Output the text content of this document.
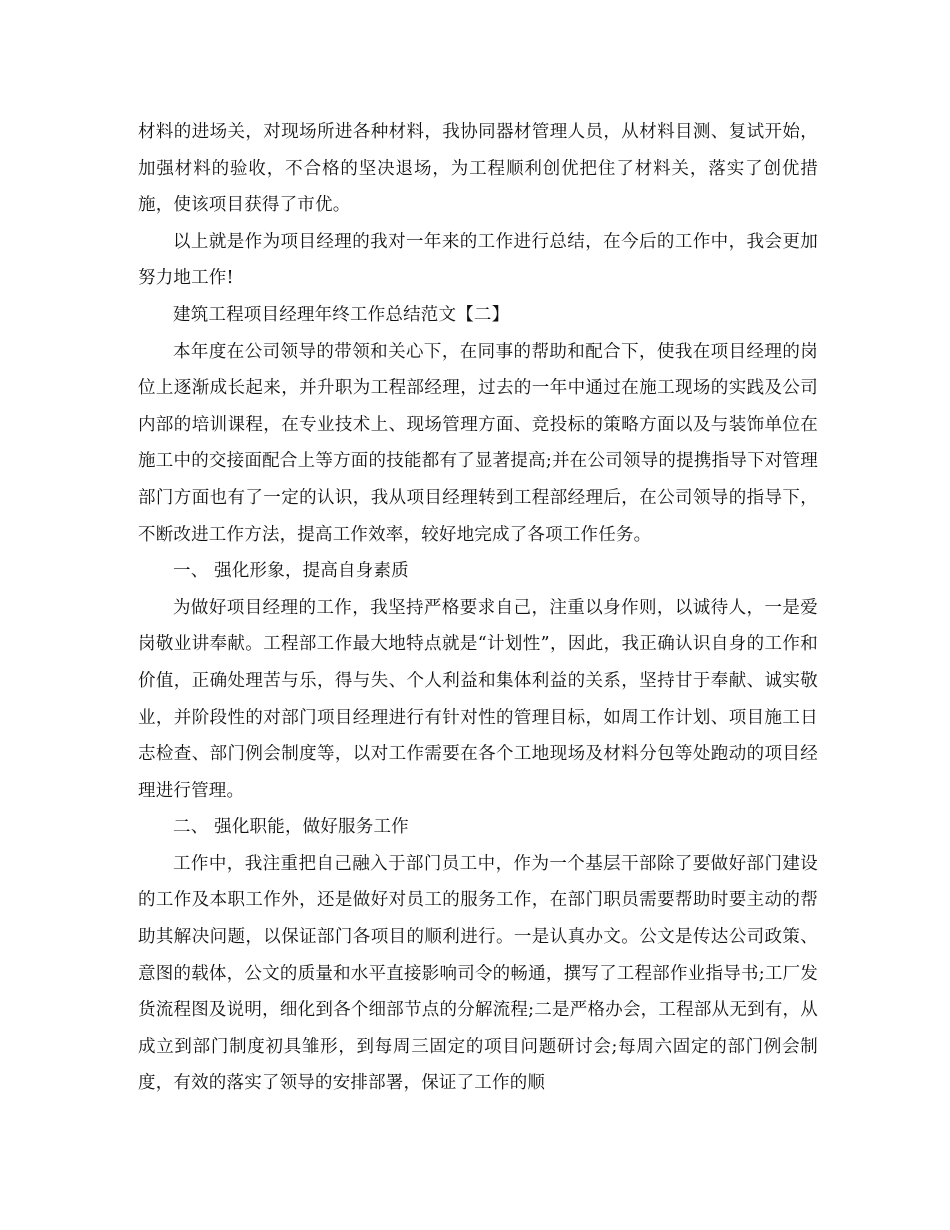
材料的进场关，对现场所进各种材料，我协同器材管理人员，从材料目测、复试开始，加强材料的验收，不合格的坚决退场，为工程顺利创优把住了材料关，落实了创优措施，使该项目获得了市优。

以上就是作为项目经理的我对一年来的工作进行总结，在今后的工作中，我会更加努力地工作!

建筑工程项目经理年终工作总结范文【二】

本年度在公司领导的带领和关心下，在同事的帮助和配合下，使我在项目经理的岗位上逐渐成长起来，并升职为工程部经理，过去的一年中通过在施工现场的实践及公司内部的培训课程，在专业技术上、现场管理方面、竞投标的策略方面以及与装饰单位在施工中的交接面配合上等方面的技能都有了显著提高;并在公司领导的提携指导下对管理部门方面也有了一定的认识，我从项目经理转到工程部经理后，在公司领导的指导下，不断改进工作方法，提高工作效率，较好地完成了各项工作任务。

一、 强化形象，提高自身素质

为做好项目经理的工作，我坚持严格要求自己，注重以身作则，以诚待人，一是爱岗敬业讲奉献。工程部工作最大地特点就是“计划性”，因此，我正确认识自身的工作和价值，正确处理苦与乐，得与失、个人利益和集体利益的关系，坚持甘于奉献、诚实敬业，并阶段性的对部门项目经理进行有针对性的管理目标，如周工作计划、项目施工日志检查、部门例会制度等，以对工作需要在各个工地现场及材料分包等处跑动的项目经理进行管理。

二、 强化职能，做好服务工作

工作中，我注重把自己融入于部门员工中，作为一个基层干部除了要做好部门建设的工作及本职工作外，还是做好对员工的服务工作，在部门职员需要帮助时要主动的帮助其解决问题，以保证部门各项目的顺利进行。一是认真办文。公文是传达公司政策、意图的载体，公文的质量和水平直接影响司令的畅通，撰写了工程部作业指导书;工厂发货流程图及说明，细化到各个细部节点的分解流程;二是严格办会，工程部从无到有，从成立到部门制度初具雏形，到每周三固定的项目问题研讨会;每周六固定的部门例会制度，有效的落实了领导的安排部署，保证了工作的顺
